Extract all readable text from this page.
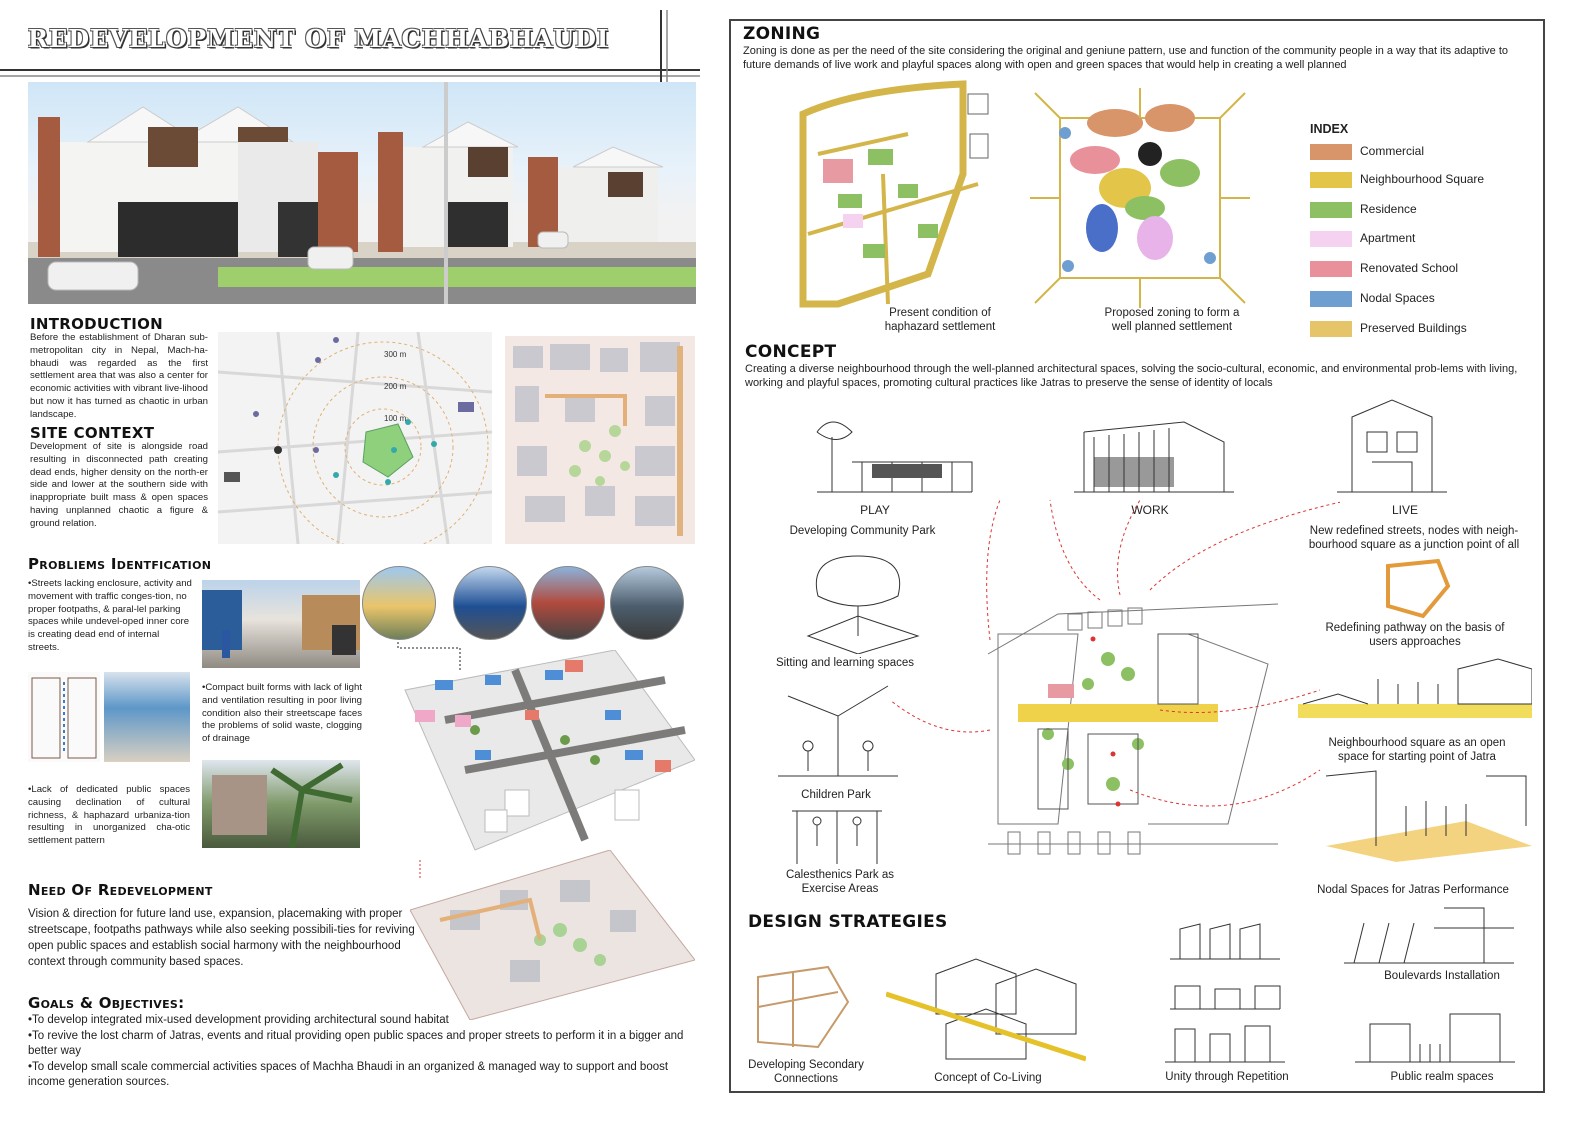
REDEVELOPMENT OF MACHHABHAUDI
INTRODUCTION
Before the establishment of Dharan sub-metropolitan city in Nepal, Mach-ha-bhaudi was regarded as the first settlement area that was also a center for economic activities with vibrant live-lihood but now it has turned as chaotic in urban landscape.
SITE CONTEXT
Development of site is alongside road resulting in disconnected path creating dead ends, higher density on the north-er side and lower at the southern side with inappropriate built mass & open spaces having unplanned chaotic a figure & ground relation.
300 m
200 m
100 m
Probliems Identfication
•Streets lacking enclosure, activity and movement with traffic conges-tion, no proper footpaths, & paral-lel parking spaces while undevel-oped inner core is creating dead end of internal streets.
•Compact built forms with lack of light and ventilation resulting in poor living condition also their streetscape faces the problems of solid waste, clogging of drainage
•Lack of dedicated public spaces causing declination of cultural richness, & haphazard urbaniza-tion resulting in unorganized cha-otic settlement pattern
Need Of Redevelopment
Vision & direction for future land use, expansion, placemaking with proper streetscape, footpaths pathways while also seeking possibili-ties for reviving open public spaces and establish social harmony with the neighbourhood context through community based spaces.
Goals & Objectives:
•To develop integrated mix-used development providing architectural sound habitat
•To revive the lost charm of Jatras, events and ritual providing open public spaces and proper streets to perform it in a bigger and better way
•To develop small scale commercial activities spaces of Machha Bhaudi in an organized & managed way to support and boost income generation sources.
ZONING
Zoning is done as per the need of the site considering the original and geniune pattern, use and function of the community people in a way that its adaptive to future demands of live work and playful spaces along with open and green spaces that would help in creating a well planned
Present condition of haphazard settlement
Proposed zoning to form a well planned settlement
INDEX
Commercial
Neighbourhood Square
Residence
Apartment
Renovated School
Nodal Spaces
Preserved Buildings
CONCEPT
Creating a diverse neighbourhood through the well-planned architectural spaces, solving the socio-cultural, economic, and environmental prob-lems with living, working and playful spaces, promoting cultural practices like Jatras to preserve the sense of identity of locals
PLAY
Developing Community Park
WORK	LIVE
New redefined streets, nodes with neigh-bourhood square as a junction point of all
Sitting and learning spaces
Children Park
Calesthenics Park as Exercise Areas
Redefining pathway on the basis of users approaches
Neighbourhood square as an open space for starting point of Jatra
Nodal Spaces for Jatras Performance
DESIGN STRATEGIES
Developing Secondary Connections	Concept of Co-Living	Unity through Repetition
Boulevards Installation
Public realm spaces
